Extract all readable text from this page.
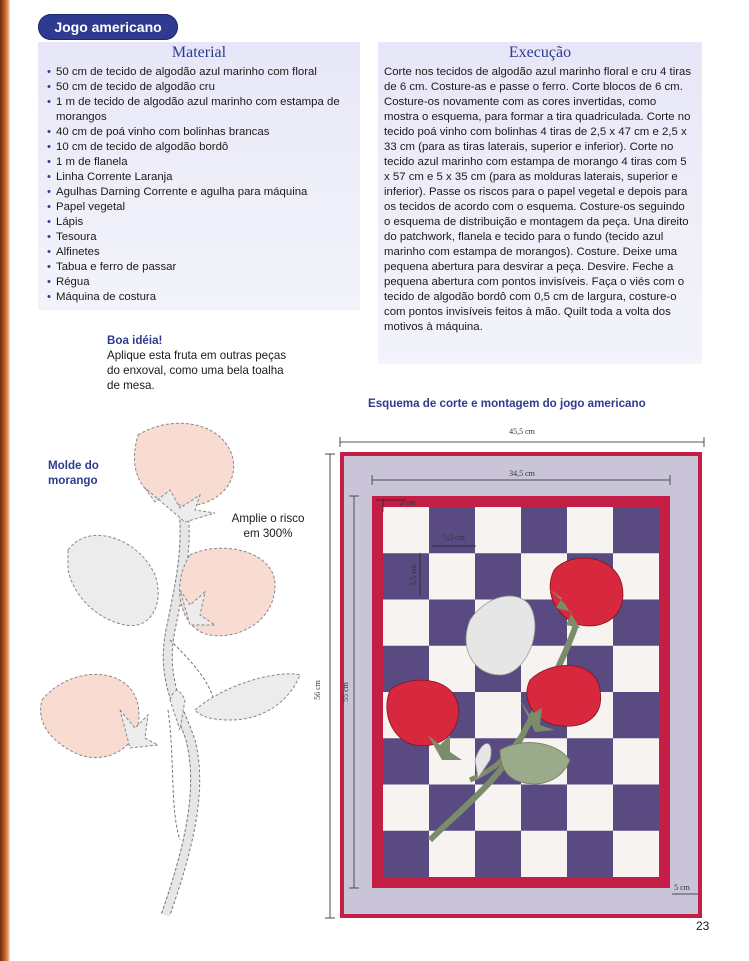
Jogo americano
Material
• 50 cm de tecido de algodão azul marinho com floral
• 50 cm de tecido de algodão cru
• 1 m de tecido de algodão azul marinho com estampa de morangos
• 40 cm de poá vinho com bolinhas brancas
• 10 cm de tecido de algodão bordô
• 1 m de flanela
• Linha Corrente Laranja
• Agulhas Darning Corrente e agulha para máquina
• Papel vegetal
• Lápis
• Tesoura
• Alfinetes
• Tabua e ferro de passar
• Régua
• Máquina de costura
Execução

Corte nos tecidos de algodão azul marinho floral e cru 4 tiras de 6 cm. Costure-as e passe o ferro. Corte blocos de 6 cm. Costure-os novamente com as cores invertidas, como mostra o esquema, para formar a tira quadriculada. Corte no tecido poá vinho com bolinhas 4 tiras de 2,5 x 47 cm e 2,5 x 33 cm (para as tiras laterais, superior e inferior). Corte no tecido azul marinho com estampa de morango 4 tiras com 5 x 57 cm e 5 x 35 cm (para as molduras laterais, superior e inferior). Passe os riscos para o papel vegetal e depois para os tecidos de acordo com o esquema. Costure-os seguindo o esquema de distribuição e montagem da peça. Una direito do patchwork, flanela e tecido para o fundo (tecido azul marinho com estampa de morangos). Costure. Deixe uma pequena abertura para desvirar a peça. Desvire. Feche a pequena abertura com pontos invisíveis. Faça o viés com o tecido de algodão bordô com 0,5 cm de largura, costure-o com pontos invisíveis feitos à mão. Quilt toda a volta dos motivos à máquina.

Boa idéia!
Aplique esta fruta em outras peças do enxoval, como uma bela toalha de mesa.
Molde do morango
Amplie o risco em 300%
Esquema de corte e montagem do jogo americano
45,5 cm
56 cm
34,5 cm
55 cm
2 cm
5,5 cm
5,5 cm
5 cm
23
